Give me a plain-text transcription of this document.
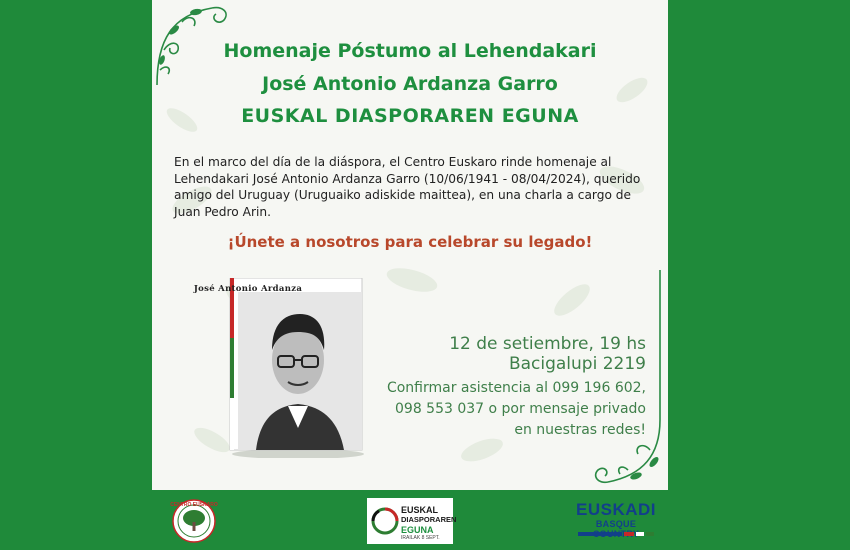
Homenaje Póstumo al Lehendakari
José Antonio Ardanza Garro
EUSKAL DIASPORAREN EGUNA
En el marco del día de la diáspora, el Centro Euskaro rinde homenaje al Lehendakari José Antonio Ardanza Garro (10/06/1941 - 08/04/2024), querido amigo del Uruguay (Uruguaiko adiskide maittea), en una charla a cargo de Juan Pedro Arin.
¡Únete a nosotros para celebrar su legado!
José Antonio Ardanza
12 de setiembre, 19 hs
Bacigalupi 2219
Confirmar asistencia al 099 196 602,
098 553 037 o por mensaje privado
en nuestras redes!
CENTRO EUSKARO	EUSKAL
DIASPORAREN
EGUNA
IRAILAK 8 SEPT.
EUSKADI
BASQUE
